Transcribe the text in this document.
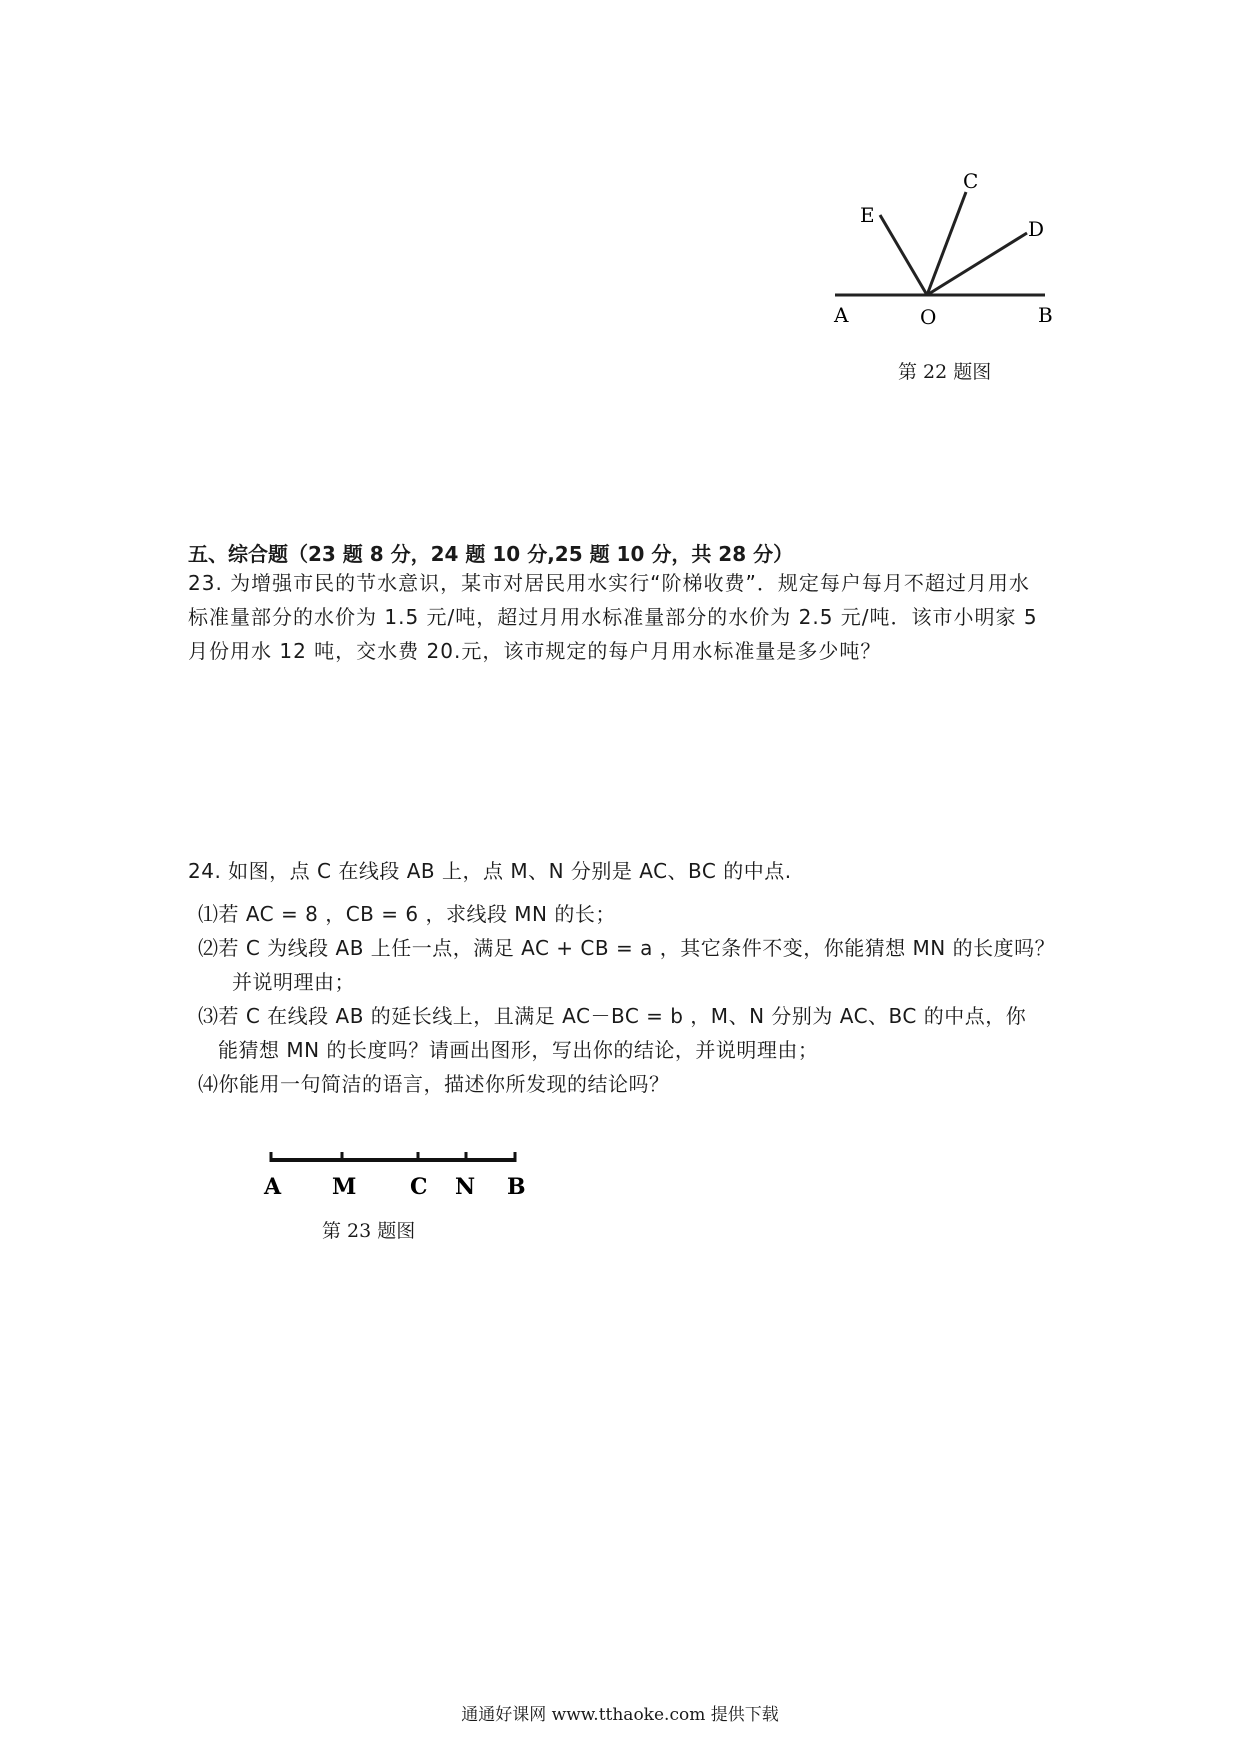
A	O	B
C
D
E
第 22 题图
五、综合题（23 题 8 分，24 题 10 分,25 题 10 分，共 28 分）
23. 为增强市民的节水意识，某市对居民用水实行“阶梯收费”．规定每户每月不超过月用水
标准量部分的水价为 1.5 元/吨，超过月用水标准量部分的水价为 2.5 元/吨．该市小明家 5
月份用水 12 吨，交水费 20.元，该市规定的每户月用水标准量是多少吨？
24. 如图，点 C 在线段 AB 上，点 M、N 分别是 AC、BC 的中点.
⑴若 AC = 8 ，CB = 6 ，求线段 MN 的长；
⑵若 C 为线段 AB 上任一点，满足 AC + CB = a ，其它条件不变，你能猜想 MN 的长度吗？
并说明理由；
⑶若 C 在线段 AB 的延长线上，且满足 AC－BC = b ，M、N 分别为 AC、BC 的中点，你
能猜想 MN 的长度吗？请画出图形，写出你的结论，并说明理由；
⑷你能用一句简洁的语言，描述你所发现的结论吗？
A M C N B
第 23 题图
通通好课网 www.tthaoke.com 提供下载
